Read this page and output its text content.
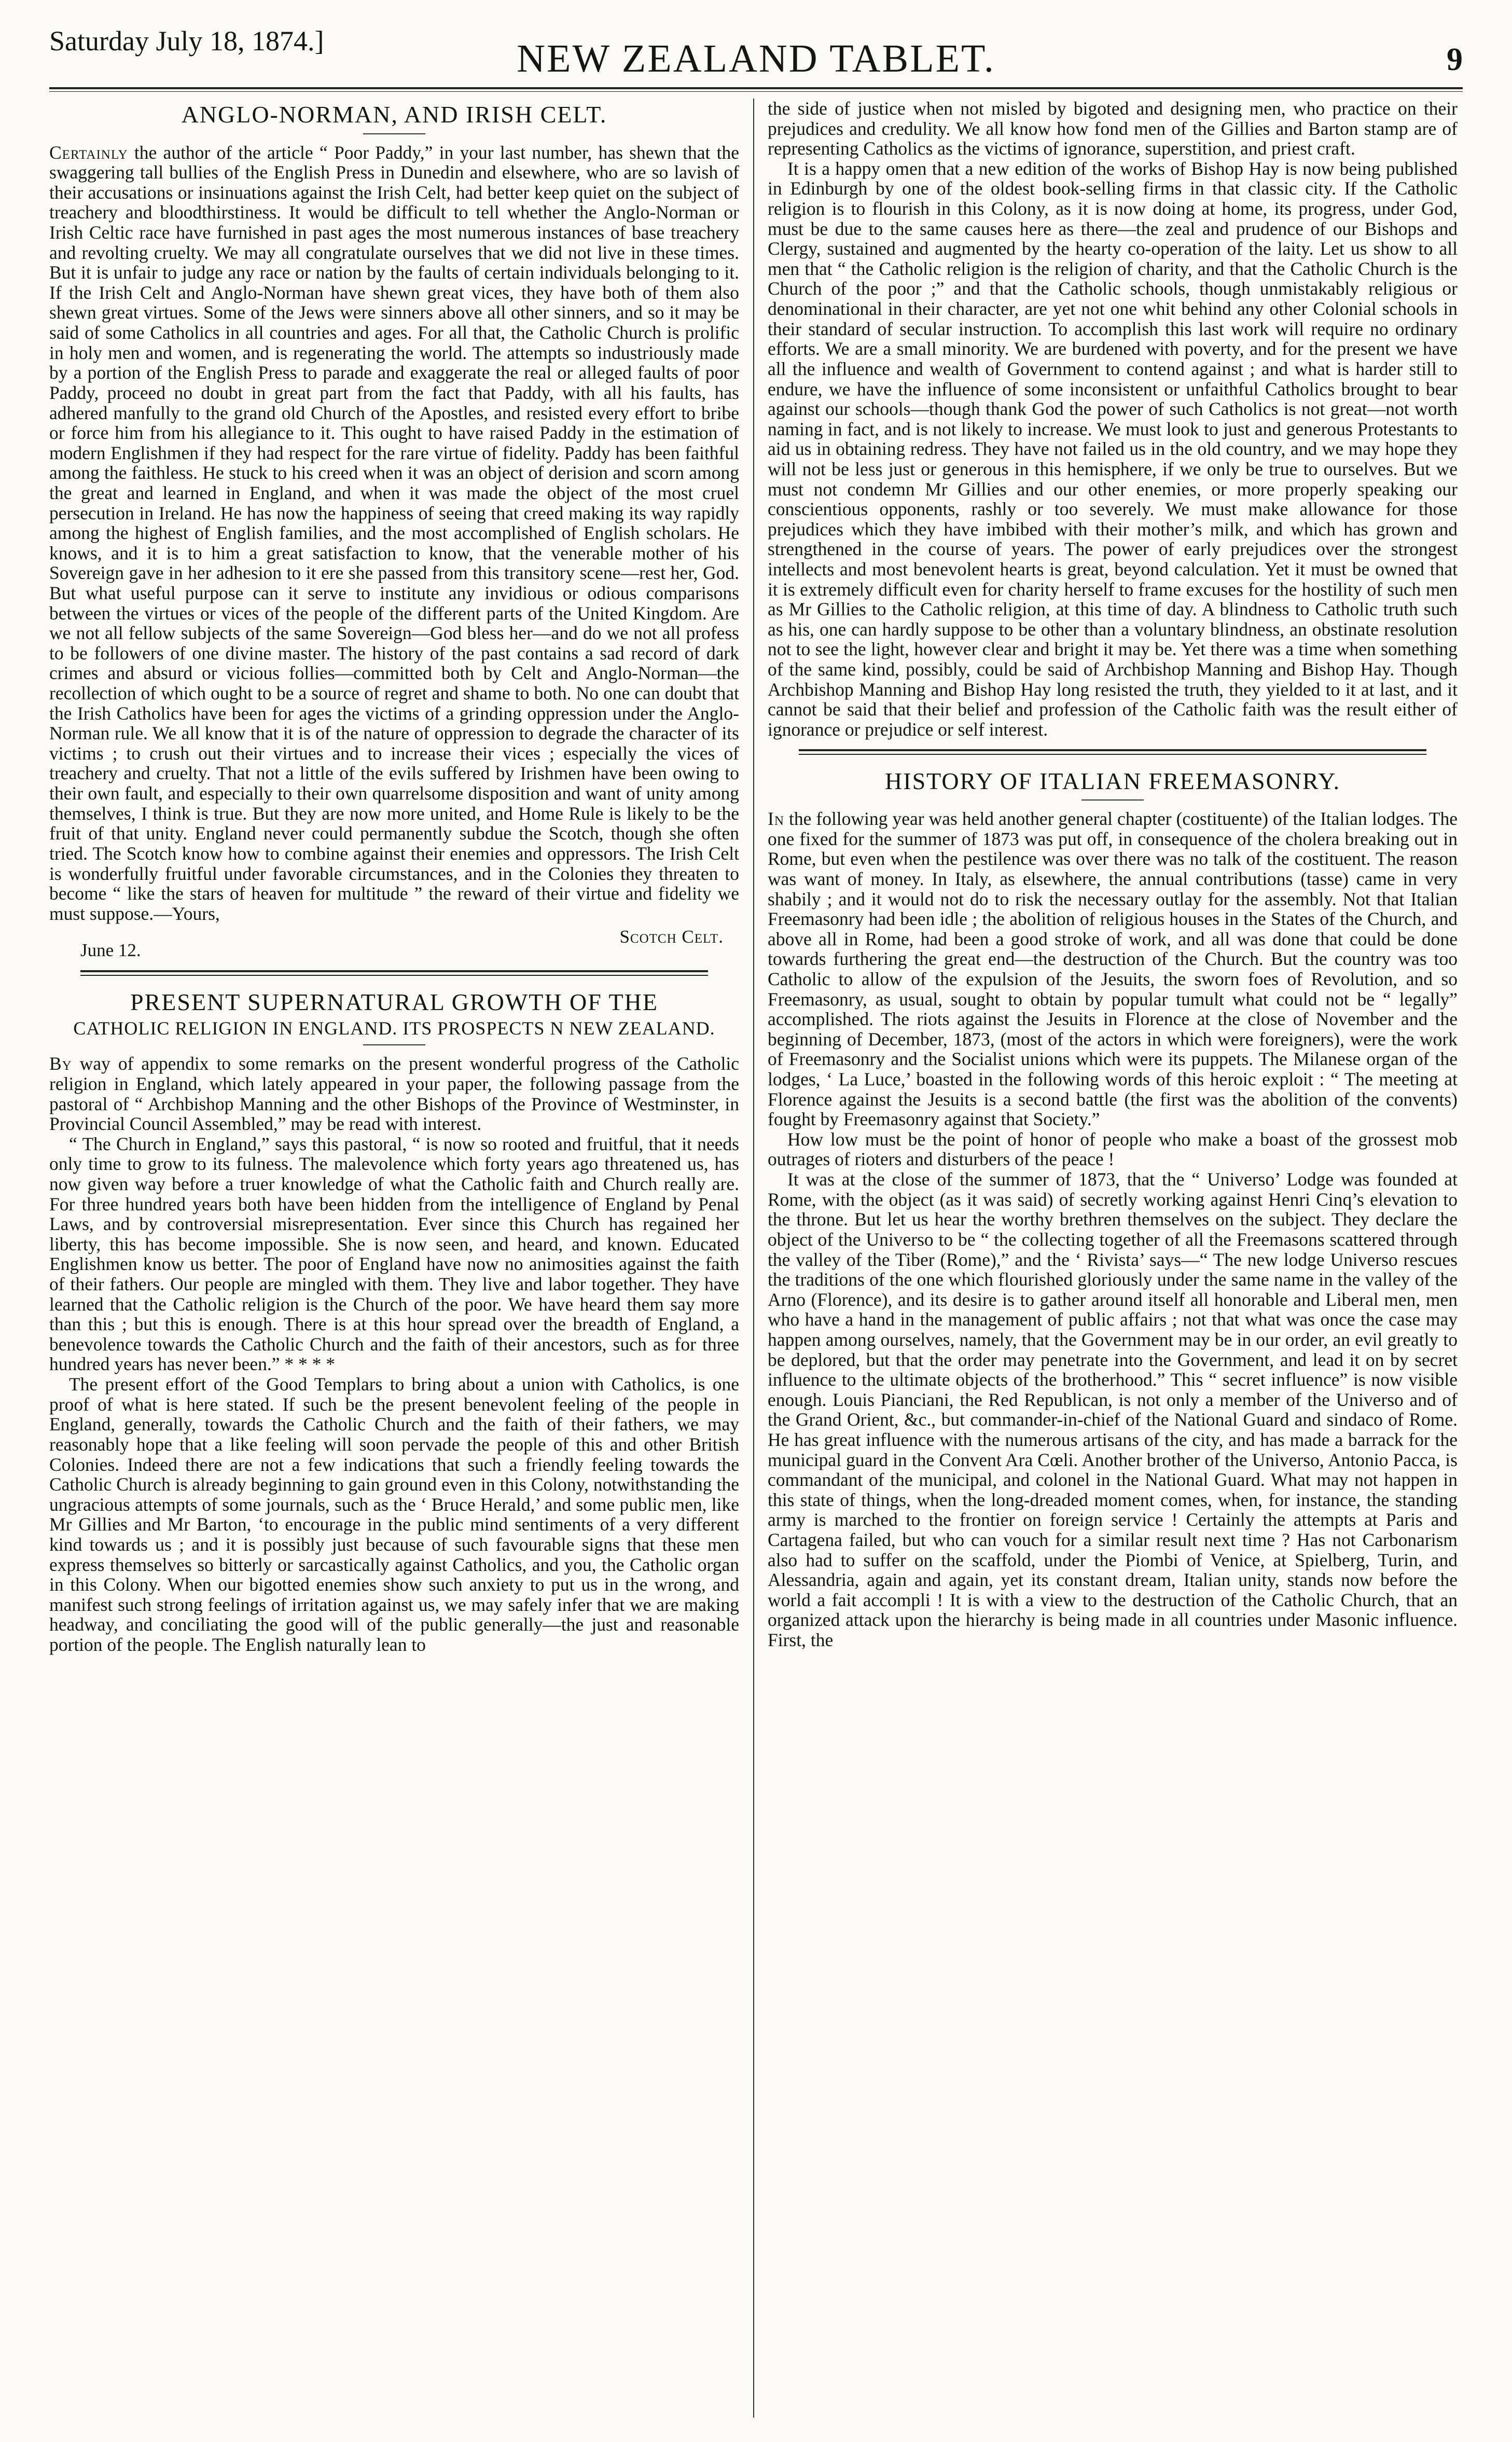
Saturday July 18, 1874.]	NEW ZEALAND TABLET.	9
ANGLO-NORMAN, AND IRISH CELT.

Certainly the author of the article “ Poor Paddy,” in your last number, has shewn that the swaggering tall bullies of the English Press in Dunedin and elsewhere, who are so lavish of their accusations or insinuations against the Irish Celt, had better keep quiet on the subject of treachery and bloodthirstiness. It would be difficult to tell whether the Anglo-Norman or Irish Celtic race have furnished in past ages the most numerous instances of base treachery and revolting cruelty. We may all congratulate ourselves that we did not live in these times. But it is unfair to judge any race or nation by the faults of certain individuals belonging to it. If the Irish Celt and Anglo-Norman have shewn great vices, they have both of them also shewn great virtues. Some of the Jews were sinners above all other sinners, and so it may be said of some Catholics in all countries and ages. For all that, the Catholic Church is prolific in holy men and women, and is regenerating the world. The attempts so industriously made by a portion of the English Press to parade and exaggerate the real or alleged faults of poor Paddy, proceed no doubt in great part from the fact that Paddy, with all his faults, has adhered manfully to the grand old Church of the Apostles, and resisted every effort to bribe or force him from his allegiance to it. This ought to have raised Paddy in the estimation of modern Englishmen if they had respect for the rare virtue of fidelity. Paddy has been faithful among the faithless. He stuck to his creed when it was an object of derision and scorn among the great and learned in England, and when it was made the object of the most cruel persecution in Ireland. He has now the happiness of seeing that creed making its way rapidly among the highest of English families, and the most accomplished of English scholars. He knows, and it is to him a great satisfaction to know, that the venerable mother of his Sovereign gave in her adhesion to it ere she passed from this transitory scene—rest her, God. But what useful purpose can it serve to institute any invidious or odious comparisons between the virtues or vices of the people of the different parts of the United Kingdom. Are we not all fellow subjects of the same Sovereign—God bless her—and do we not all profess to be followers of one divine master. The history of the past contains a sad record of dark crimes and absurd or vicious follies—committed both by Celt and Anglo-Norman—the recollection of which ought to be a source of regret and shame to both. No one can doubt that the Irish Catholics have been for ages the victims of a grinding oppression under the Anglo-Norman rule. We all know that it is of the nature of oppression to degrade the character of its victims ; to crush out their virtues and to increase their vices ; especially the vices of treachery and cruelty. That not a little of the evils suffered by Irishmen have been owing to their own fault, and especially to their own quarrelsome disposition and want of unity among themselves, I think is true. But they are now more united, and Home Rule is likely to be the fruit of that unity. England never could permanently subdue the Scotch, though she often tried. The Scotch know how to combine against their enemies and oppressors. The Irish Celt is wonderfully fruitful under favorable circumstances, and in the Colonies they threaten to become “ like the stars of heaven for multitude ” the reward of their virtue and fidelity we must suppose.—Yours,

June 12.
Scotch Celt.
PRESENT SUPERNATURAL GROWTH OF THE
CATHOLIC RELIGION IN ENGLAND. ITS PROSPECTS N NEW ZEALAND.

By way of appendix to some remarks on the present wonderful progress of the Catholic religion in England, which lately appeared in your paper, the following passage from the pastoral of “ Archbishop Manning and the other Bishops of the Province of Westminster, in Provincial Council Assembled,” may be read with interest.

“ The Church in England,” says this pastoral, “ is now so rooted and fruitful, that it needs only time to grow to its fulness. The malevolence which forty years ago threatened us, has now given way before a truer knowledge of what the Catholic faith and Church really are. For three hundred years both have been hidden from the intelligence of England by Penal Laws, and by controversial misrepresentation. Ever since this Church has regained her liberty, this has become impossible. She is now seen, and heard, and known. Educated Englishmen know us better. The poor of England have now no animosities against the faith of their fathers. Our people are mingled with them. They live and labor together. They have learned that the Catholic religion is the Church of the poor. We have heard them say more than this ; but this is enough. There is at this hour spread over the breadth of England, a benevolence towards the Catholic Church and the faith of their ancestors, such as for three hundred years has never been.” * * * *

The present effort of the Good Templars to bring about a union with Catholics, is one proof of what is here stated. If such be the present benevolent feeling of the people in England, generally, towards the Catholic Church and the faith of their fathers, we may reasonably hope that a like feeling will soon pervade the people of this and other British Colonies. Indeed there are not a few indications that such a friendly feeling towards the Catholic Church is already beginning to gain ground even in this Colony, notwithstanding the ungracious attempts of some journals, such as the ‘ Bruce Herald,’ and some public men, like Mr Gillies and Mr Barton, ‘to encourage in the public mind sentiments of a very different kind towards us ; and it is possibly just because of such favourable signs that these men express themselves so bitterly or sarcastically against Catholics, and you, the Catholic organ in this Colony. When our bigotted enemies show such anxiety to put us in the wrong, and manifest such strong feelings of irritation against us, we may safely infer that we are making headway, and conciliating the good will of the public generally—the just and reasonable portion of the people. The English naturally lean to

the side of justice when not misled by bigoted and designing men, who practice on their prejudices and credulity. We all know how fond men of the Gillies and Barton stamp are of representing Catholics as the victims of ignorance, superstition, and priest craft.

It is a happy omen that a new edition of the works of Bishop Hay is now being published in Edinburgh by one of the oldest book-selling firms in that classic city. If the Catholic religion is to flourish in this Colony, as it is now doing at home, its progress, under God, must be due to the same causes here as there—the zeal and prudence of our Bishops and Clergy, sustained and augmented by the hearty co-operation of the laity. Let us show to all men that “ the Catholic religion is the religion of charity, and that the Catholic Church is the Church of the poor ;” and that the Catholic schools, though unmistakably religious or denominational in their character, are yet not one whit behind any other Colonial schools in their standard of secular instruction. To accomplish this last work will require no ordinary efforts. We are a small minority. We are burdened with poverty, and for the present we have all the influence and wealth of Government to contend against ; and what is harder still to endure, we have the influence of some inconsistent or unfaithful Catholics brought to bear against our schools—though thank God the power of such Catholics is not great—not worth naming in fact, and is not likely to increase. We must look to just and generous Protestants to aid us in obtaining redress. They have not failed us in the old country, and we may hope they will not be less just or generous in this hemisphere, if we only be true to ourselves. But we must not condemn Mr Gillies and our other enemies, or more properly speaking our conscientious opponents, rashly or too severely. We must make allowance for those prejudices which they have imbibed with their mother’s milk, and which has grown and strengthened in the course of years. The power of early prejudices over the strongest intellects and most benevolent hearts is great, beyond calculation. Yet it must be owned that it is extremely difficult even for charity herself to frame excuses for the hostility of such men as Mr Gillies to the Catholic religion, at this time of day. A blindness to Catholic truth such as his, one can hardly suppose to be other than a voluntary blindness, an obstinate resolution not to see the light, however clear and bright it may be. Yet there was a time when something of the same kind, possibly, could be said of Archbishop Manning and Bishop Hay. Though Archbishop Manning and Bishop Hay long resisted the truth, they yielded to it at last, and it cannot be said that their belief and profession of the Catholic faith was the result either of ignorance or prejudice or self interest.

HISTORY OF ITALIAN FREEMASONRY.

In the following year was held another general chapter (costituente) of the Italian lodges. The one fixed for the summer of 1873 was put off, in consequence of the cholera breaking out in Rome, but even when the pestilence was over there was no talk of the costituent. The reason was want of money. In Italy, as elsewhere, the annual contributions (tasse) came in very shabily ; and it would not do to risk the necessary outlay for the assembly. Not that Italian Freemasonry had been idle ; the abolition of religious houses in the States of the Church, and above all in Rome, had been a good stroke of work, and all was done that could be done towards furthering the great end—the destruction of the Church. But the country was too Catholic to allow of the expulsion of the Jesuits, the sworn foes of Revolution, and so Freemasonry, as usual, sought to obtain by popular tumult what could not be “ legally” accomplished. The riots against the Jesuits in Florence at the close of November and the beginning of December, 1873, (most of the actors in which were foreigners), were the work of Freemasonry and the Socialist unions which were its puppets. The Milanese organ of the lodges, ‘ La Luce,’ boasted in the following words of this heroic exploit : “ The meeting at Florence against the Jesuits is a second battle (the first was the abolition of the convents) fought by Freemasonry against that Society.”

How low must be the point of honor of people who make a boast of the grossest mob outrages of rioters and disturbers of the peace !

It was at the close of the summer of 1873, that the “ Universo’ Lodge was founded at Rome, with the object (as it was said) of secretly working against Henri Cinq’s elevation to the throne. But let us hear the worthy brethren themselves on the subject. They declare the object of the Universo to be “ the collecting together of all the Freemasons scattered through the valley of the Tiber (Rome),” and the ‘ Rivista’ says—“ The new lodge Universo rescues the traditions of the one which flourished gloriously under the same name in the valley of the Arno (Florence), and its desire is to gather around itself all honorable and Liberal men, men who have a hand in the management of public affairs ; not that what was once the case may happen among ourselves, namely, that the Government may be in our order, an evil greatly to be deplored, but that the order may penetrate into the Government, and lead it on by secret influence to the ultimate objects of the brotherhood.” This “ secret influence” is now visible enough. Louis Pianciani, the Red Republican, is not only a member of the Universo and of the Grand Orient, &c., but commander-in-chief of the National Guard and sindaco of Rome. He has great influence with the numerous artisans of the city, and has made a barrack for the municipal guard in the Convent Ara Cœli. Another brother of the Universo, Antonio Pacca, is commandant of the municipal, and colonel in the National Guard. What may not happen in this state of things, when the long-dreaded moment comes, when, for instance, the standing army is marched to the frontier on foreign service ! Certainly the attempts at Paris and Cartagena failed, but who can vouch for a similar result next time ? Has not Carbonarism also had to suffer on the scaffold, under the Piombi of Venice, at Spielberg, Turin, and Alessandria, again and again, yet its constant dream, Italian unity, stands now before the world a fait accompli ! It is with a view to the destruction of the Catholic Church, that an organized attack upon the hierarchy is being made in all countries under Masonic influence. First, the
